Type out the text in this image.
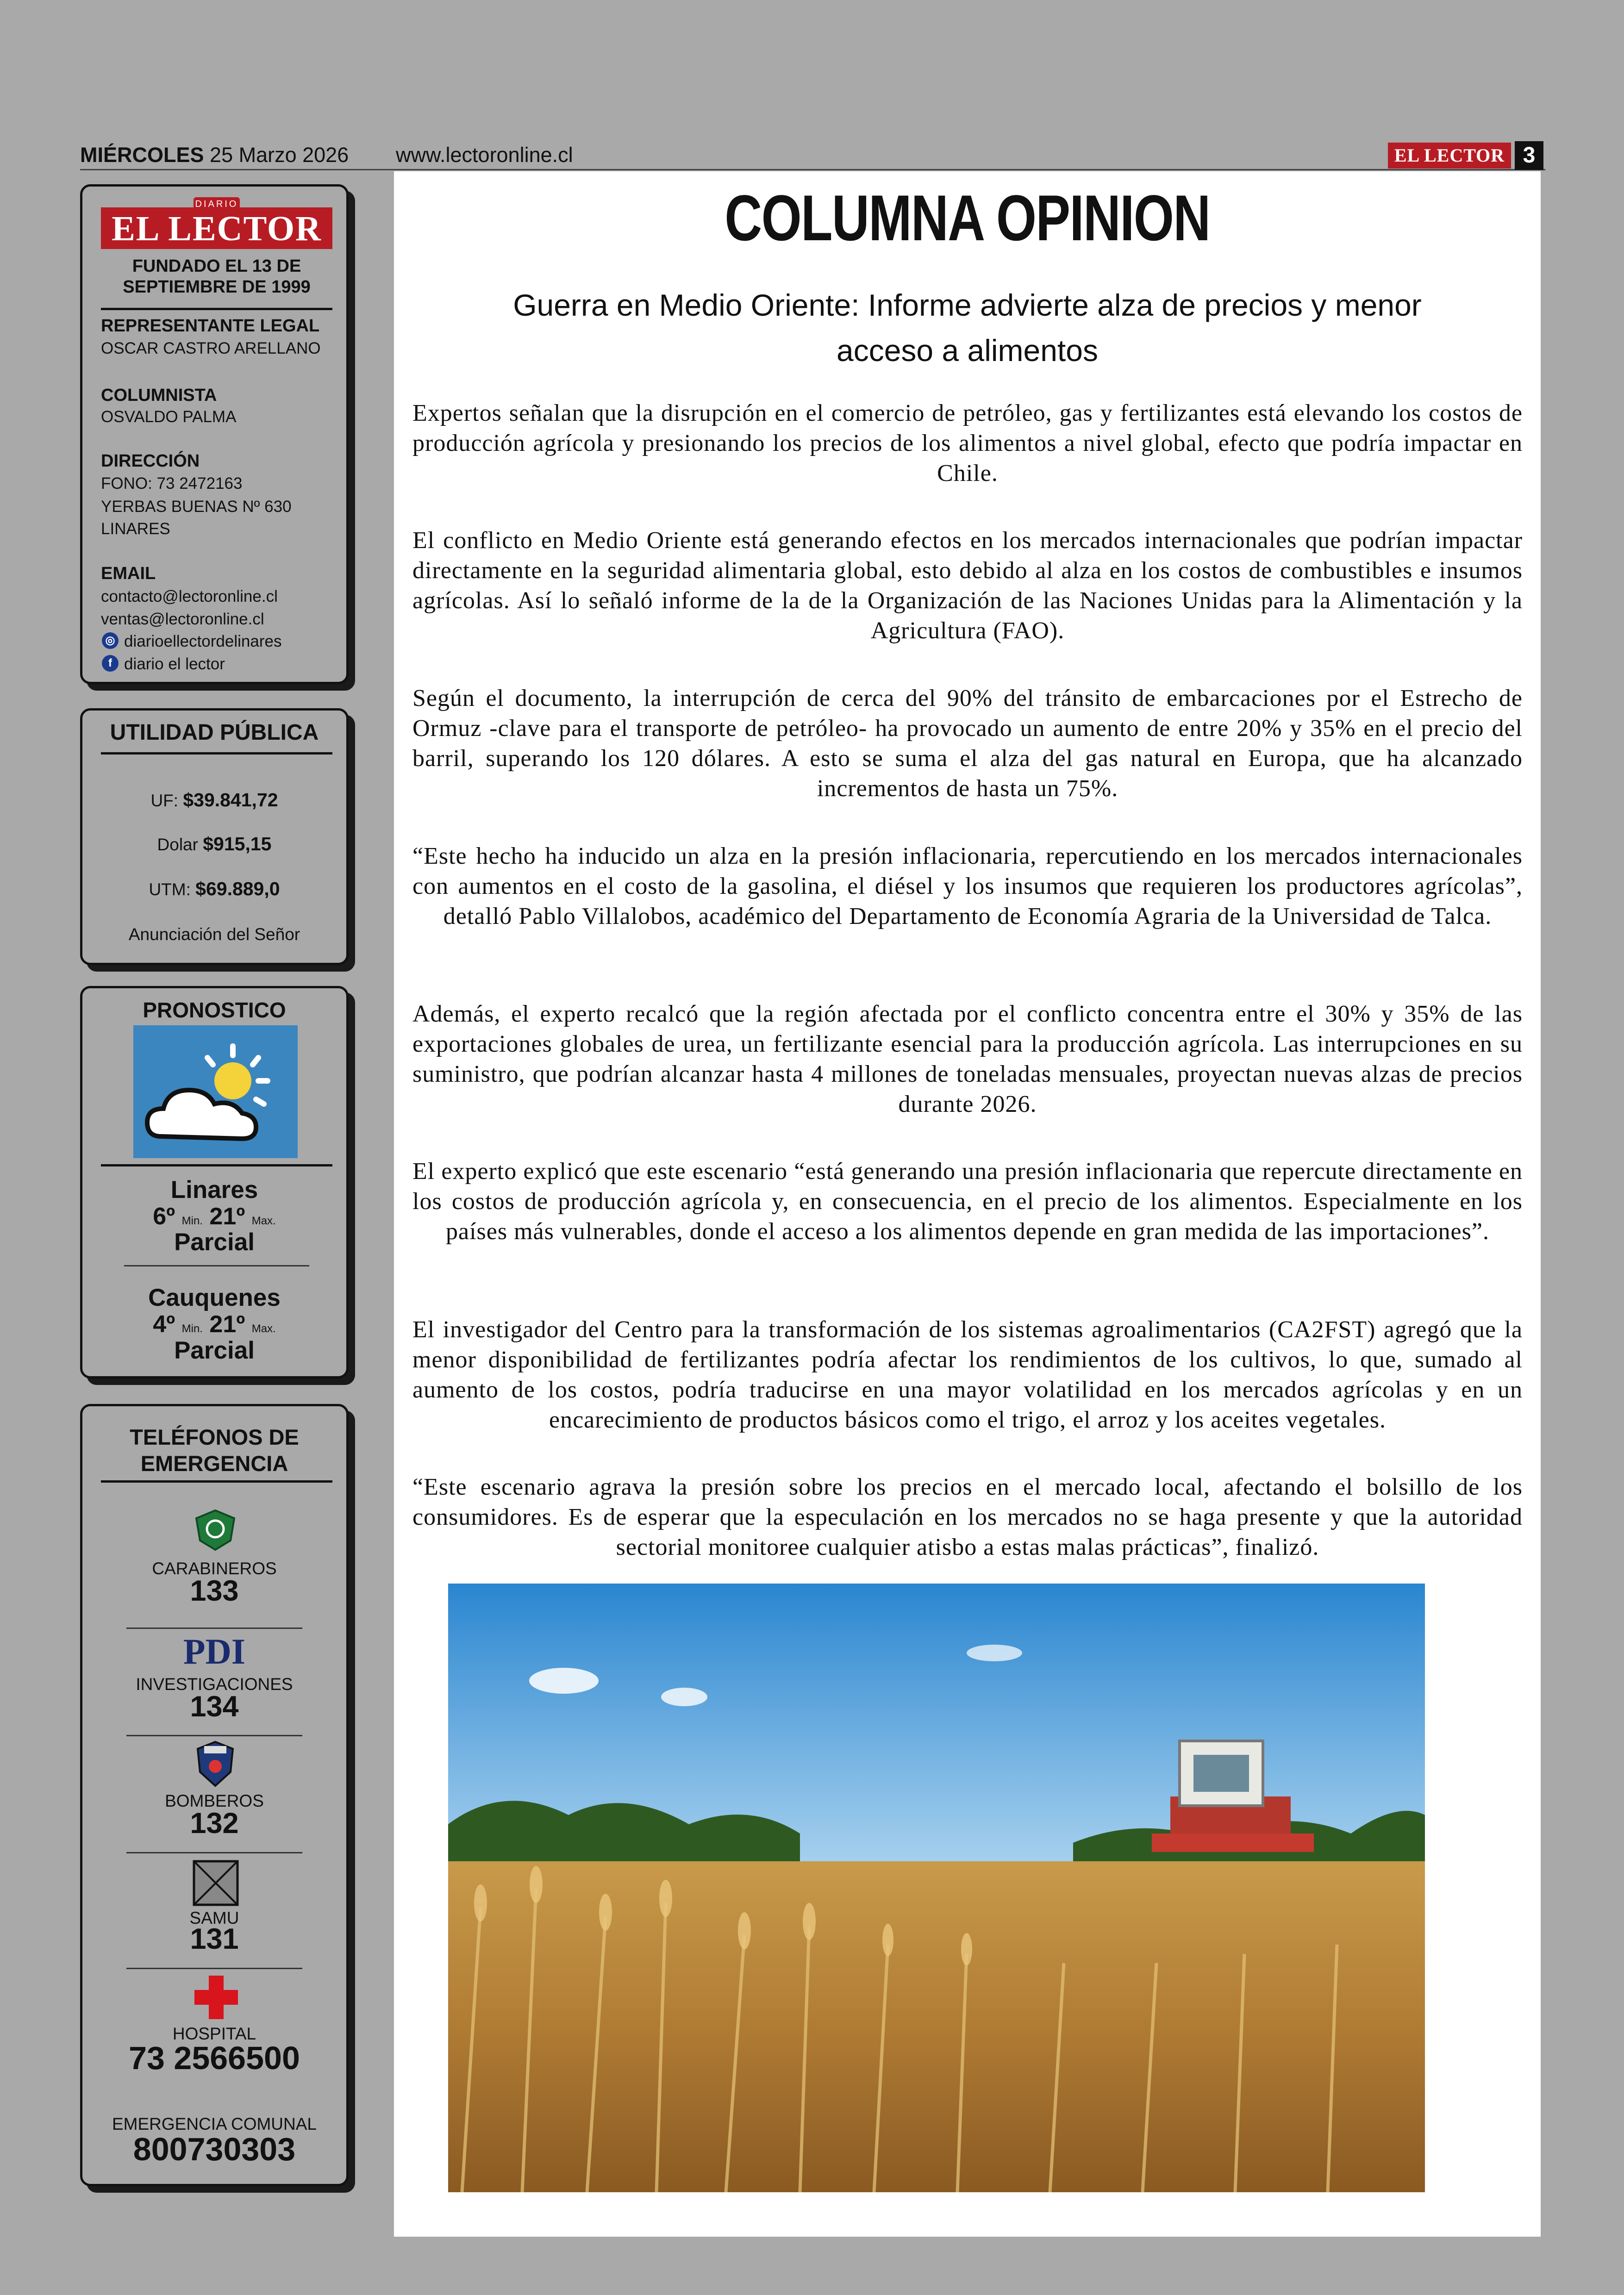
MIÉRCOLES 25 Marzo 2026 www.lectoronline.cl	EL LECTOR 3
DIARIO
EL LECTOR
FUNDADO EL 13 DE
SEPTIEMBRE DE 1999
REPRESENTANTE LEGAL
OSCAR CASTRO ARELLANO
COLUMNISTA
OSVALDO PALMA
DIRECCIÓN
FONO: 73 2472163
YERBAS BUENAS Nº 630
LINARES
EMAIL
contacto@lectoronline.cl
ventas@lectoronline.cl
◎ diarioellectordelinares
f diario el lector
UTILIDAD PÚBLICA
UF: $39.841,72
Dolar $915,15
UTM: $69.889,0
Anunciación del Señor
PRONOSTICO
Linares
6º Min. 21º Max.
Parcial
Cauquenes
4º Min. 21º Max.
Parcial
TELÉFONOS DE
EMERGENCIA
CARABINEROS
133
PDI
INVESTIGACIONES
134
BOMBEROS
132
SAMU
131
HOSPITAL
73 2566500
EMERGENCIA COMUNAL
800730303
COLUMNA OPINION
Guerra en Medio Oriente: Informe advierte alza de precios y menor
acceso a alimentos
Expertos señalan que la disrupción en el comercio de petróleo, gas y fertilizantes está elevando los costos de producción agrícola y presionando los precios de los alimentos a nivel global, efecto que podría impactar en Chile.
El conflicto en Medio Oriente está generando efectos en los mercados internacionales que podrían impactar directamente en la seguridad alimentaria global, esto debido al alza en los costos de combustibles e insumos agrícolas. Así lo señaló informe de la de la Organización de las Naciones Unidas para la Alimentación y la Agricultura (FAO).
Según el documento, la interrupción de cerca del 90% del tránsito de embarcaciones por el Estrecho de Ormuz -clave para el transporte de petróleo- ha provocado un aumento de entre 20% y 35% en el precio del barril, superando los 120 dólares. A esto se suma el alza del gas natural en Europa, que ha alcanzado incrementos de hasta un 75%.
“Este hecho ha inducido un alza en la presión inflacionaria, repercutiendo en los mercados internacionales con aumentos en el costo de la gasolina, el diésel y los insumos que requieren los productores agrícolas”, detalló Pablo Villalobos, académico del Departamento de Economía Agraria de la Universidad de Talca.
Además, el experto recalcó que la región afectada por el conflicto concentra entre el 30% y 35% de las exportaciones globales de urea, un fertilizante esencial para la producción agrícola. Las interrupciones en su suministro, que podrían alcanzar hasta 4 millones de toneladas mensuales, proyectan nuevas alzas de precios durante 2026.
El experto explicó que este escenario “está generando una presión inflacionaria que repercute directamente en los costos de producción agrícola y, en consecuencia, en el precio de los alimentos. Especialmente en los países más vulnerables, donde el acceso a los alimentos depende en gran medida de las importaciones”.
El investigador del Centro para la transformación de los sistemas agroalimentarios (CA2FST) agregó que la menor disponibilidad de fertilizantes podría afectar los rendimientos de los cultivos, lo que, sumado al aumento de los costos, podría traducirse en una mayor volatilidad en los mercados agrícolas y en un encarecimiento de productos básicos como el trigo, el arroz y los aceites vegetales.
“Este escenario agrava la presión sobre los precios en el mercado local, afectando el bolsillo de los consumidores. Es de esperar que la especulación en los mercados no se haga presente y que la autoridad sectorial monitoree cualquier atisbo a estas malas prácticas”, finalizó.
